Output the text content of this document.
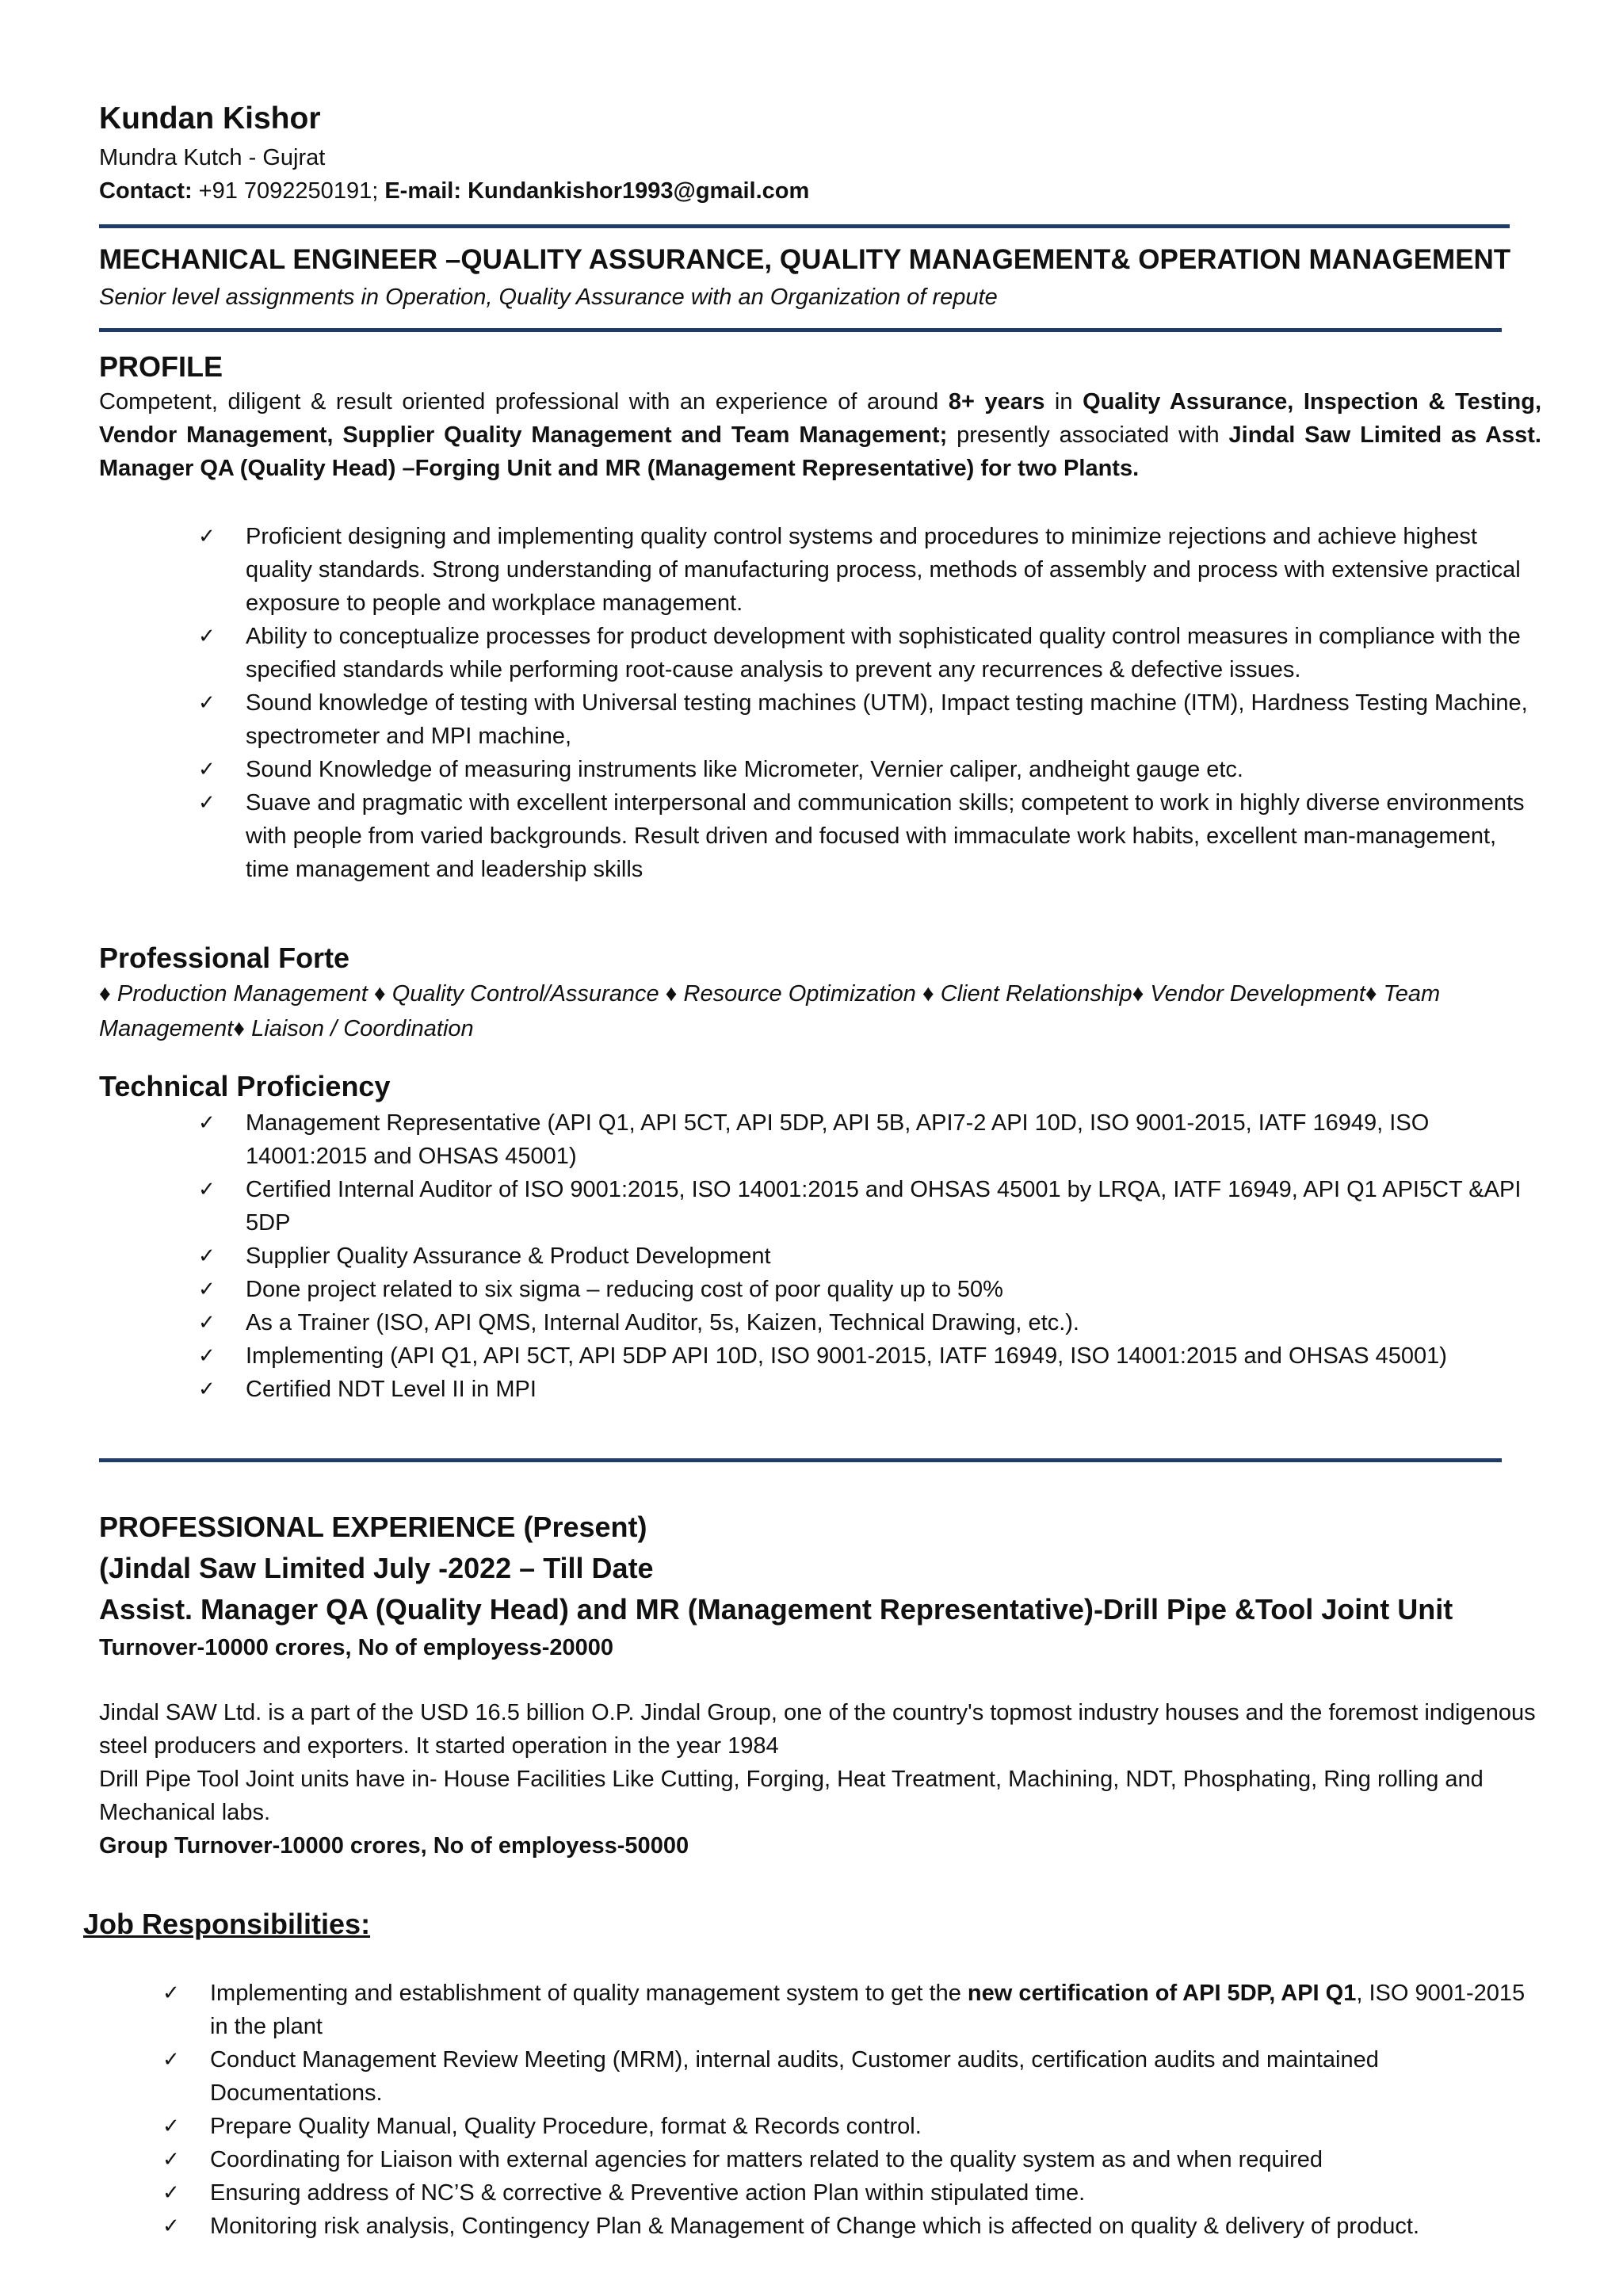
Kundan Kishor
Mundra Kutch - Gujrat
Contact: +91 7092250191; E-mail: Kundankishor1993@gmail.com
MECHANICAL ENGINEER –QUALITY ASSURANCE, QUALITY MANAGEMENT& OPERATION MANAGEMENT
Senior level assignments in Operation, Quality Assurance with an Organization of repute
PROFILE
Competent, diligent & result oriented professional with an experience of around 8+ years in Quality Assurance, Inspection & Testing, Vendor Management, Supplier Quality Management and Team Management; presently associated with Jindal Saw Limited as Asst. Manager QA (Quality Head) –Forging Unit and MR (Management Representative) for two Plants.
✓	Proficient designing and implementing quality control systems and procedures to minimize rejections and achieve highest quality standards. Strong understanding of manufacturing process, methods of assembly and process with extensive practical exposure to people and workplace management.
✓	Ability to conceptualize processes for product development with sophisticated quality control measures in compliance with the specified standards while performing root-cause analysis to prevent any recurrences & defective issues.
✓	Sound knowledge of testing with Universal testing machines (UTM), Impact testing machine (ITM), Hardness Testing Machine, spectrometer and MPI machine,
✓	Sound Knowledge of measuring instruments like Micrometer, Vernier caliper, andheight gauge etc.
✓	Suave and pragmatic with excellent interpersonal and communication skills; competent to work in highly diverse environments with people from varied backgrounds. Result driven and focused with immaculate work habits, excellent man-management, time management and leadership skills
Professional Forte
♦ Production Management ♦ Quality Control/Assurance ♦ Resource Optimization ♦ Client Relationship♦ Vendor Development♦ Team Management♦ Liaison / Coordination
Technical Proficiency
✓	Management Representative (API Q1, API 5CT, API 5DP, API 5B, API7-2 API 10D, ISO 9001-2015, IATF 16949, ISO 14001:2015 and OHSAS 45001)
✓	Certified Internal Auditor of ISO 9001:2015, ISO 14001:2015 and OHSAS 45001 by LRQA, IATF 16949, API Q1 API5CT &API 5DP
✓	Supplier Quality Assurance & Product Development
✓	Done project related to six sigma – reducing cost of poor quality up to 50%
✓	As a Trainer (ISO, API QMS, Internal Auditor, 5s, Kaizen, Technical Drawing, etc.).
✓	Implementing (API Q1, API 5CT, API 5DP API 10D, ISO 9001-2015, IATF 16949, ISO 14001:2015 and OHSAS 45001)
✓	Certified NDT Level II in MPI
PROFESSIONAL EXPERIENCE (Present)
(Jindal Saw Limited July -2022 – Till Date
Assist. Manager QA (Quality Head) and MR (Management Representative)-Drill Pipe &Tool Joint Unit
Turnover-10000 crores, No of employess-20000
Jindal SAW Ltd. is a part of the USD 16.5 billion O.P. Jindal Group, one of the country's topmost industry houses and the foremost indigenous steel producers and exporters. It started operation in the year 1984
Drill Pipe Tool Joint units have in- House Facilities Like Cutting, Forging, Heat Treatment, Machining, NDT, Phosphating, Ring rolling and Mechanical labs.
Group Turnover-10000 crores, No of employess-50000
Job Responsibilities:
✓	Implementing and establishment of quality management system to get the new certification of API 5DP, API Q1, ISO 9001-2015 in the plant
✓	Conduct Management Review Meeting (MRM), internal audits, Customer audits, certification audits and maintained Documentations.
✓	Prepare Quality Manual, Quality Procedure, format & Records control.
✓	Coordinating for Liaison with external agencies for matters related to the quality system as and when required
✓	Ensuring address of NC’S & corrective & Preventive action Plan within stipulated time.
✓	Monitoring risk analysis, Contingency Plan & Management of Change which is affected on quality & delivery of product.
